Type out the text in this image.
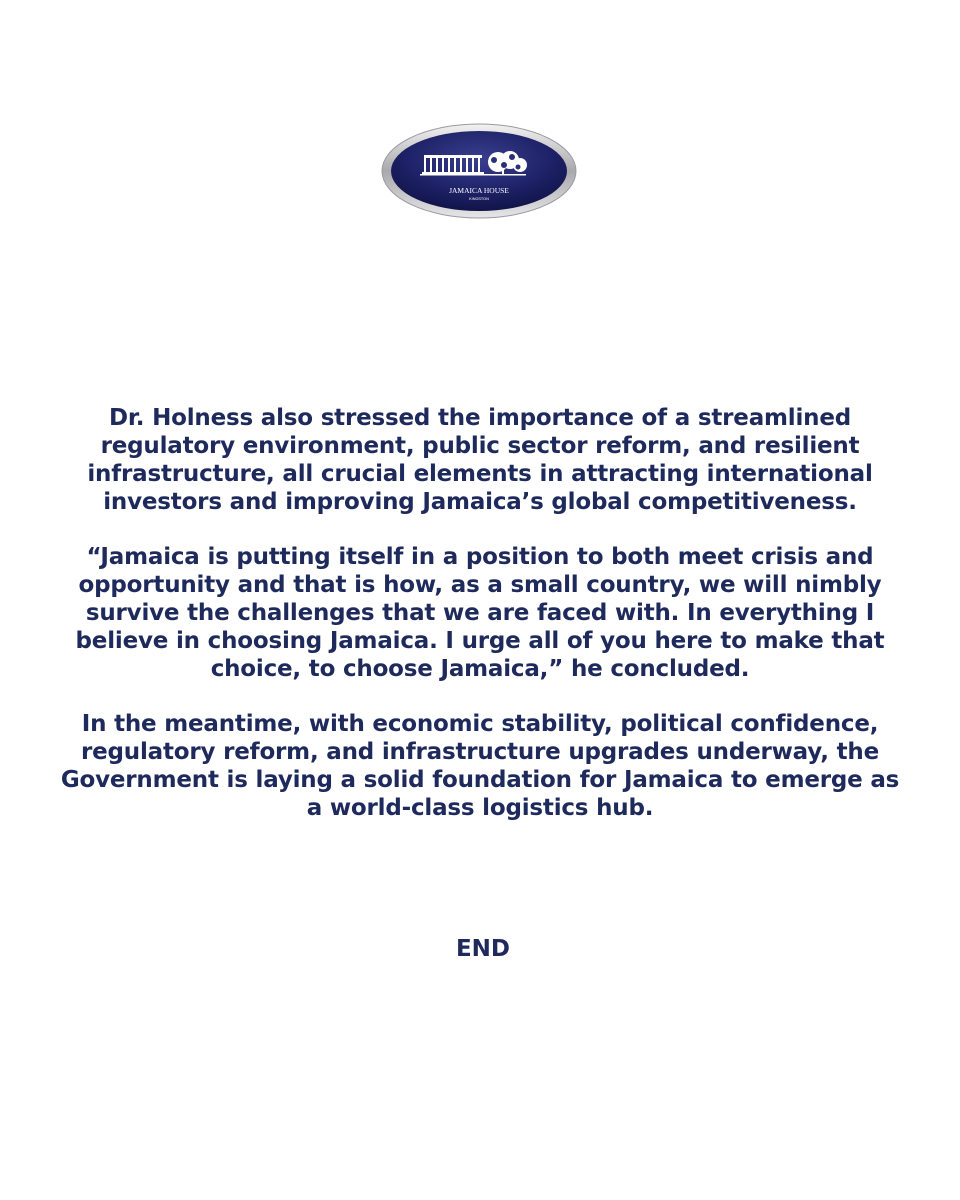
JAMAICA HOUSE
KINGSTON

Dr. Holness also stressed the importance of a streamlined regulatory environment, public sector reform, and resilient infrastructure, all crucial elements in attracting international investors and improving Jamaica’s global competitiveness.

“Jamaica is putting itself in a position to both meet crisis and opportunity and that is how, as a small country, we will nimbly survive the challenges that we are faced with. In everything I believe in choosing Jamaica. I urge all of you here to make that choice, to choose Jamaica,” he concluded.

In the meantime, with economic stability, political confidence, regulatory reform, and infrastructure upgrades underway, the Government is laying a solid foundation for Jamaica to emerge as a world-class logistics hub.

END
